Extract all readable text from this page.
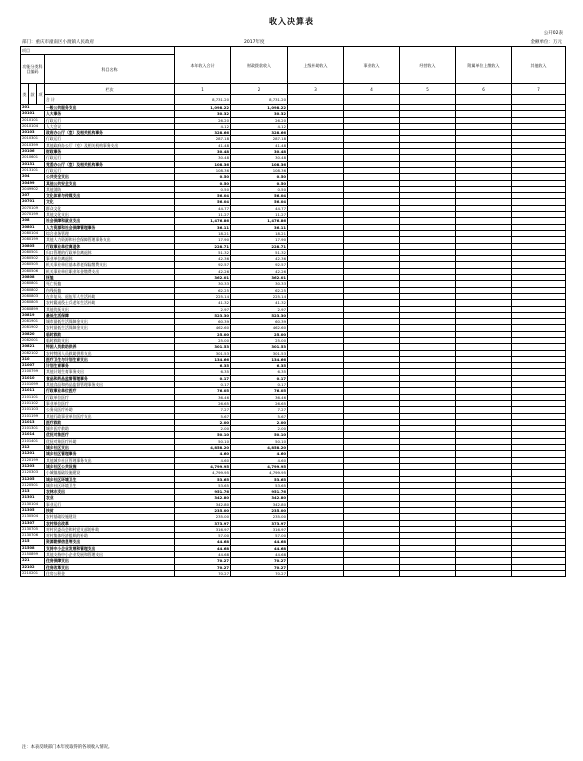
收入决算表
公开02表
部门：重庆市潼南区小渡镇人民政府	2017年度	金额单位：万元
项目				本年收入合计	财政拨款收入	上级补助收入	事业收入	经营收入	附属单位上缴收入	其他收入
功能分类科目编码			科目名称							
类	款	项	栏次	1	2	3	4	5	6	7
			合 计	8,731.20	8,731.20					
201			一般公共服务支出	1,098.22	1,098.22					
20101			人大事务	30.32	30.32					
2010101			行政运行	26.20	26.20					
2010104			人大会议	4.12	4.12					
20103			政府办公厅（室）及相关机构事务	328.66	328.66					
2010301			行政运行	287.18	287.18					
2010399			其他政府办公厅（室）及相关机构事务支出	41.48	41.48					
20106			财政事务	30.48	30.48					
2010601			行政运行	30.48	30.48					
20131			党委办公厅（室）及相关机构事务	108.36	108.36					
2013101			行政运行	108.36	108.36					
204			公共安全支出	0.50	0.50					
20499			其他公共安全支出	0.50	0.50					
2049902			其他消防	0.50	0.50					
207			文化体育与传媒支出	56.04	56.04					
20701			文化	56.04	56.04					
2070109			群众文化	44.77	44.77					
2070199			其他文化支出	11.27	11.27					
208			社会保障和就业支出	1,476.86	1,476.86					
20801			人力资源和社会保障管理事务	36.11	36.11					
2080104			综合业务管理	18.21	18.21					
2080199			其他人力资源和社会保障管理事务支出	17.90	17.90					
20805			行政事业单位离退休	228.71	228.71					
2080501			归口管理的行政单位离退休	51.32	51.32					
2080502			事业单位离退休	42.36	42.36					
2080505			机关事业单位基本养老保险缴费支出	92.57	92.57					
2080506			机关事业单位职业年金缴费支出	42.26	42.26					
20808			抚恤	362.01	362.01					
2080801			死亡抚恤	30.33	30.33					
2080802			伤残抚恤	62.25	62.25					
2080803			在乡复员、退伍军人生活补助	225.14	225.14					
2080805			农村籍退役士兵老年生活补助	41.32	41.32					
2080899			其他优抚支出	2.97	2.97					
20819			最低生活保障	523.30	523.30					
2081901			城市最低生活保障金支出	60.39	60.39					
2081902			农村最低生活保障金支出	462.60	462.60					
20820			临时救助	25.00	25.00					
2082001			临时救助支出	25.00	25.00					
20821			特困人员救助供养	301.53	301.53					
2082102			农村特困人员救助供养支出	301.53	301.53					
210			医疗卫生与计划生育支出	134.66	134.66					
21007			计划生育事务	6.35	6.35					
2100799			其他计划生育事务支出	6.35	6.35					
21010			食品和药品监督管理事务	0.17	0.17					
2101099			其他食品和药品监督管理事务支出	0.17	0.17					
21011			行政事业单位医疗	76.05	76.05					
2101101			行政单位医疗	36.46	36.46					
2101102			事业单位医疗	26.65	26.65					
2101103			公务员医疗补助	7.27	7.27					
2101199			其他行政事业单位医疗支出	5.67	5.67					
21013			医疗救助	2.00	2.00					
2101301			城乡医疗救助	2.00	2.00					
21014			优抚对象医疗	50.10	50.10					
2101401			优抚对象医疗补助	50.10	50.10					
212			城乡社区支出	4,858.20	4,858.20					
21201			城乡社区管理事务	4.60	4.60					
2120199			其他城乡社区管理事务支出	4.60	4.60					
21203			城乡社区公共设施	4,799.95	4,799.95					
2120303			小城镇基础设施建设	4,799.95	4,799.95					
21205			城乡社区环境卫生	53.65	53.65					
2120501			城乡社区环境卫生	53.65	53.65					
213			农林水支出	951.76	951.76					
21301			农业	342.80	342.80					
2130104			事业运行	342.80	342.80					
21305			扶贫	235.00	235.00					
2130504			农村基础设施建设	235.00	235.00					
21307			农村综合改革	373.97	373.97					
2130705			对村民委员会和村党支部的补助	316.97	316.97					
2130706			对村集体经济组织的补助	57.00	57.00					
215			资源勘探信息等支出	44.68	44.68					
21508			支持中小企业发展和管理支出	44.68	44.68					
2150899			其他支持中小企业发展和管理支出	44.68	44.68					
221			住房保障支出	70.27	70.27					
22102			住房改革支出	70.27	70.27					
2210201			住房公积金	70.27	70.27					
注：本表反映部门本年度取得的各项收入情况。
